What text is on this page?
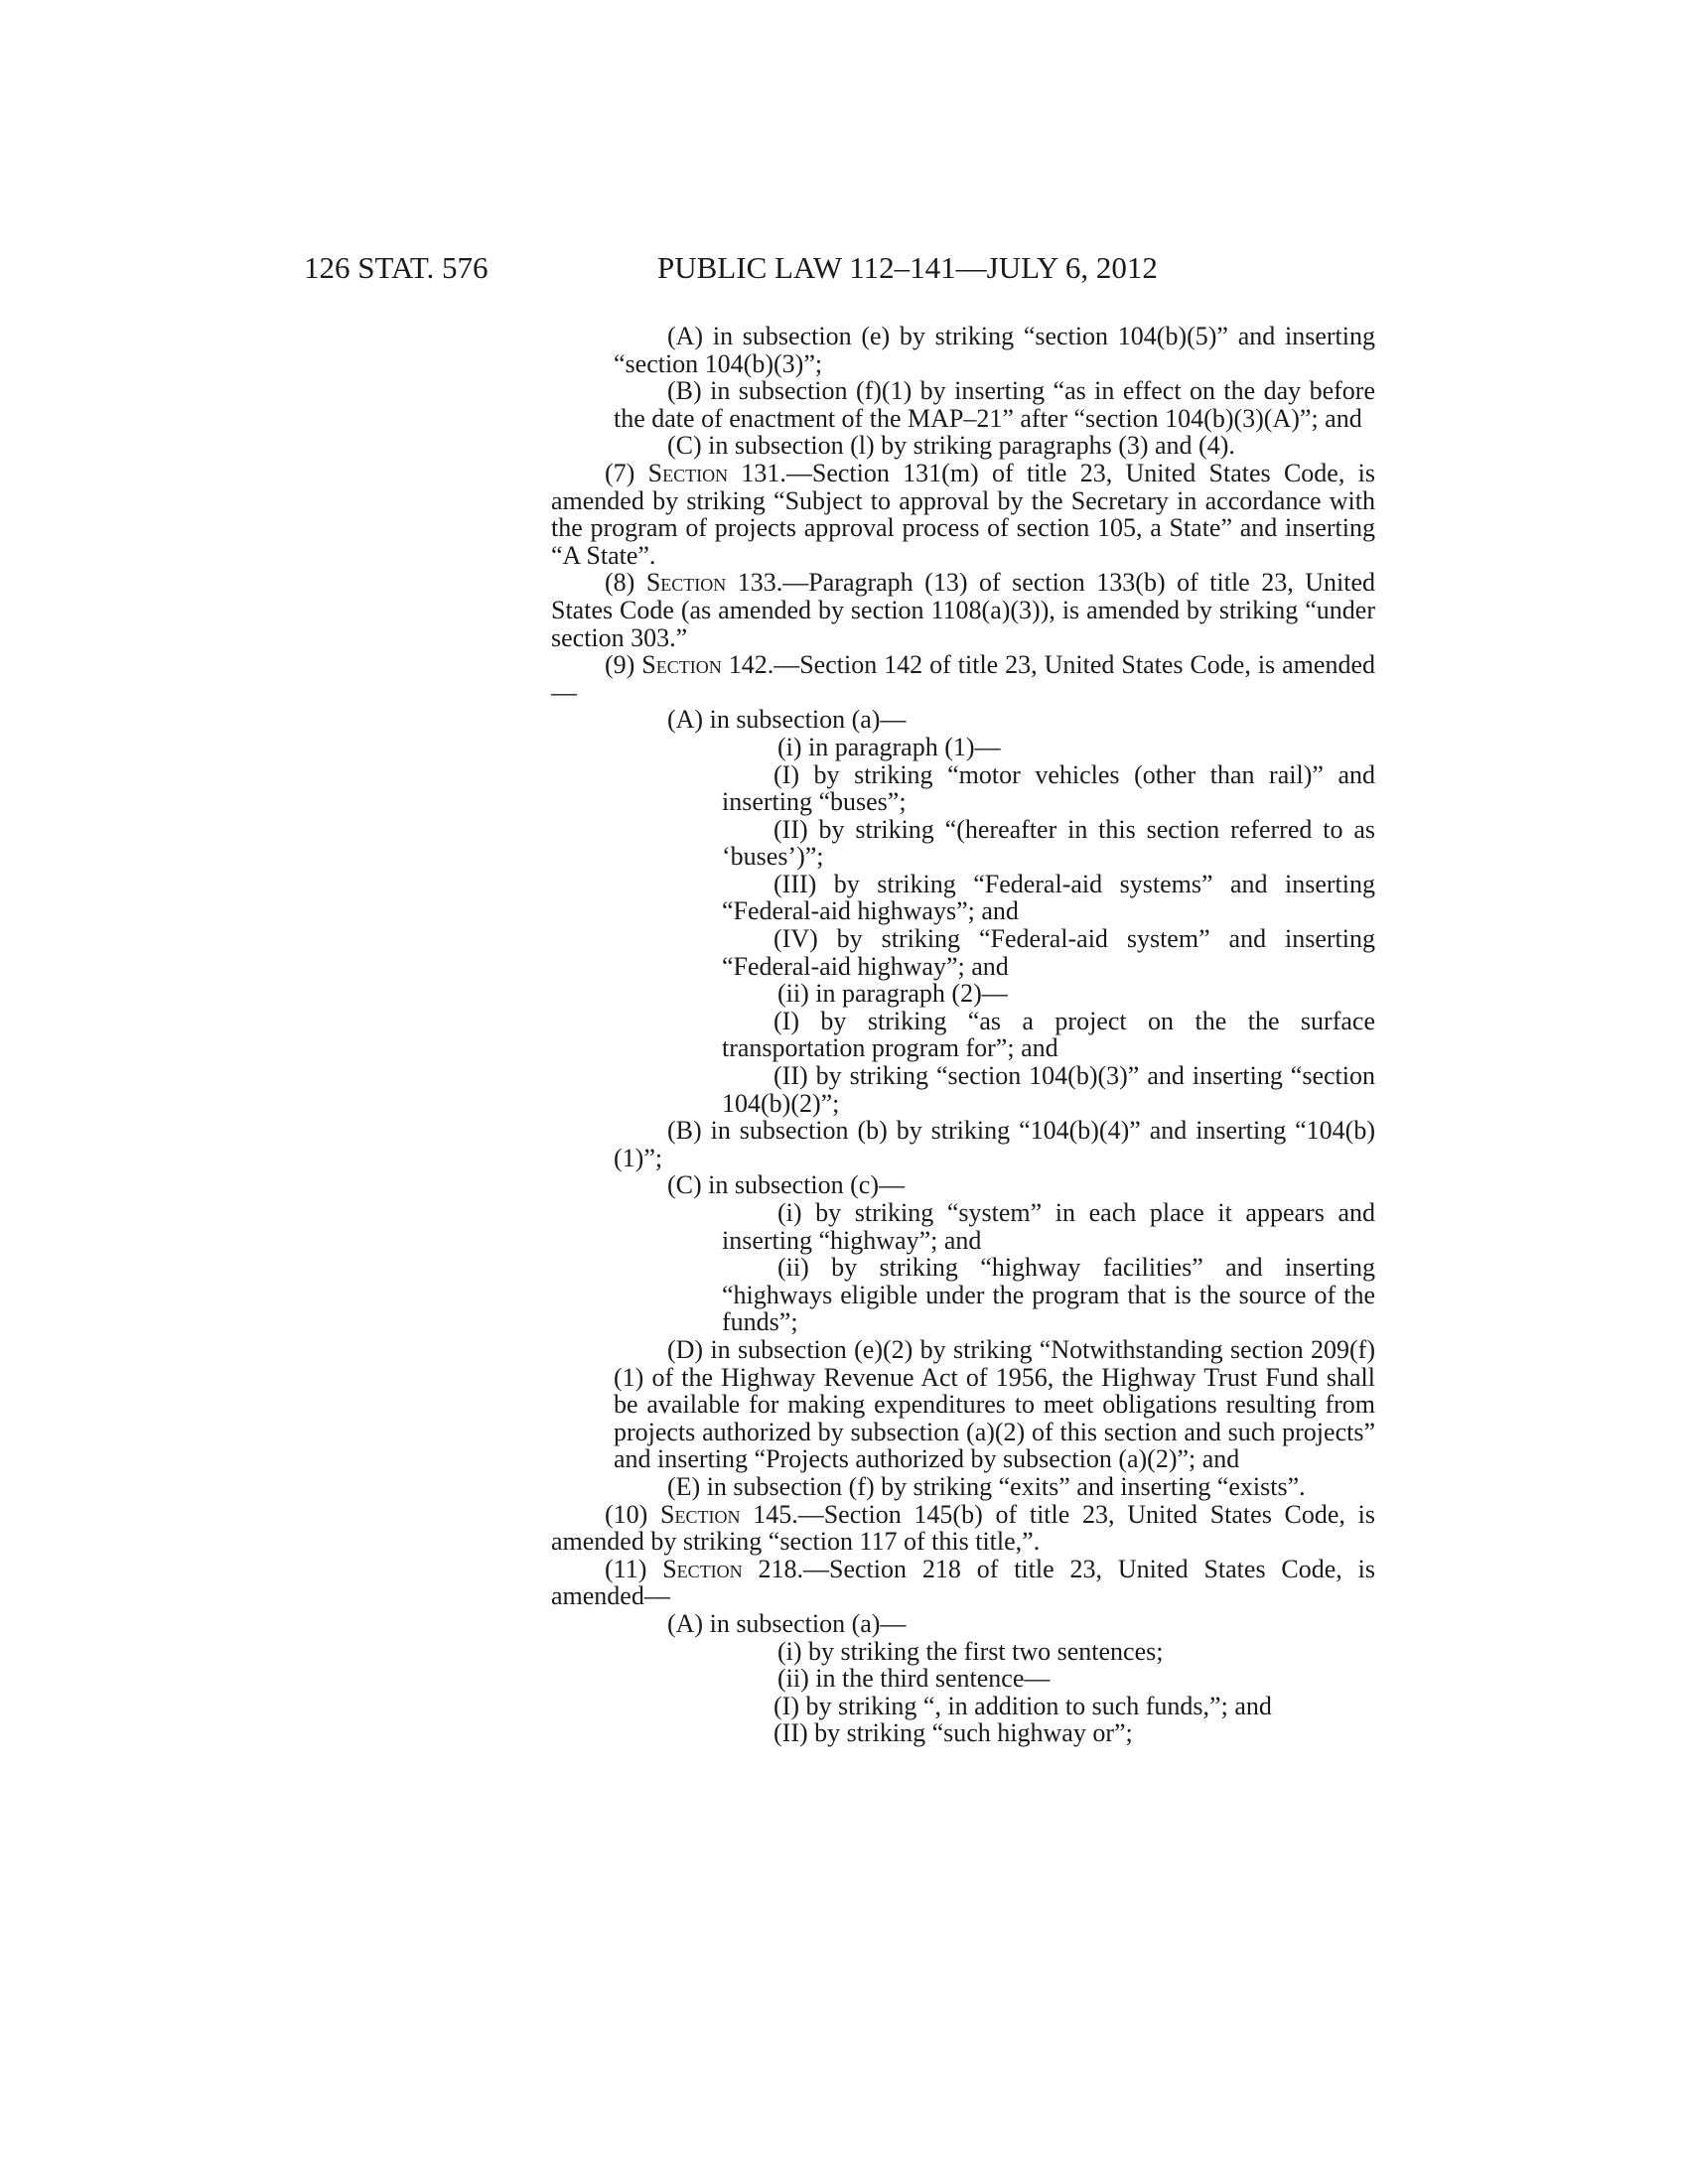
126 STAT. 576	PUBLIC LAW 112–141—JULY 6, 2012

(A) in subsection (e) by striking “section 104(b)(5)” and inserting “section 104(b)(3)”;

(B) in subsection (f)(1) by inserting “as in effect on the day before the date of enactment of the MAP–21” after “section 104(b)(3)(A)”; and

(C) in subsection (l) by striking paragraphs (3) and (4).

(7) Section 131.—Section 131(m) of title 23, United States Code, is amended by striking “Subject to approval by the Secretary in accordance with the program of projects approval process of section 105, a State” and inserting “A State”.

(8) Section 133.—Paragraph (13) of section 133(b) of title 23, United States Code (as amended by section 1108(a)(3)), is amended by striking “under section 303.”

(9) Section 142.—Section 142 of title 23, United States Code, is amended—

(A) in subsection (a)—

(i) in paragraph (1)—

(I) by striking “motor vehicles (other than rail)” and inserting “buses”;

(II) by striking “(hereafter in this section referred to as ‘buses’)”;

(III) by striking “Federal-aid systems” and inserting “Federal-aid highways”; and

(IV) by striking “Federal-aid system” and inserting “Federal-aid highway”; and

(ii) in paragraph (2)—

(I) by striking “as a project on the the surface transportation program for”; and

(II) by striking “section 104(b)(3)” and inserting “section 104(b)(2)”;

(B) in subsection (b) by striking “104(b)(4)” and inserting “104(b)(1)”;

(C) in subsection (c)—

(i) by striking “system” in each place it appears and inserting “highway”; and

(ii) by striking “highway facilities” and inserting “highways eligible under the program that is the source of the funds”;

(D) in subsection (e)(2) by striking “Notwithstanding section 209(f)(1) of the Highway Revenue Act of 1956, the Highway Trust Fund shall be available for making expenditures to meet obligations resulting from projects authorized by subsection (a)(2) of this section and such projects” and inserting “Projects authorized by subsection (a)(2)”; and

(E) in subsection (f) by striking “exits” and inserting “exists”.

(10) Section 145.—Section 145(b) of title 23, United States Code, is amended by striking “section 117 of this title,”.

(11) Section 218.—Section 218 of title 23, United States Code, is amended—

(A) in subsection (a)—

(i) by striking the first two sentences;

(ii) in the third sentence—

(I) by striking “, in addition to such funds,”; and

(II) by striking “such highway or”;
